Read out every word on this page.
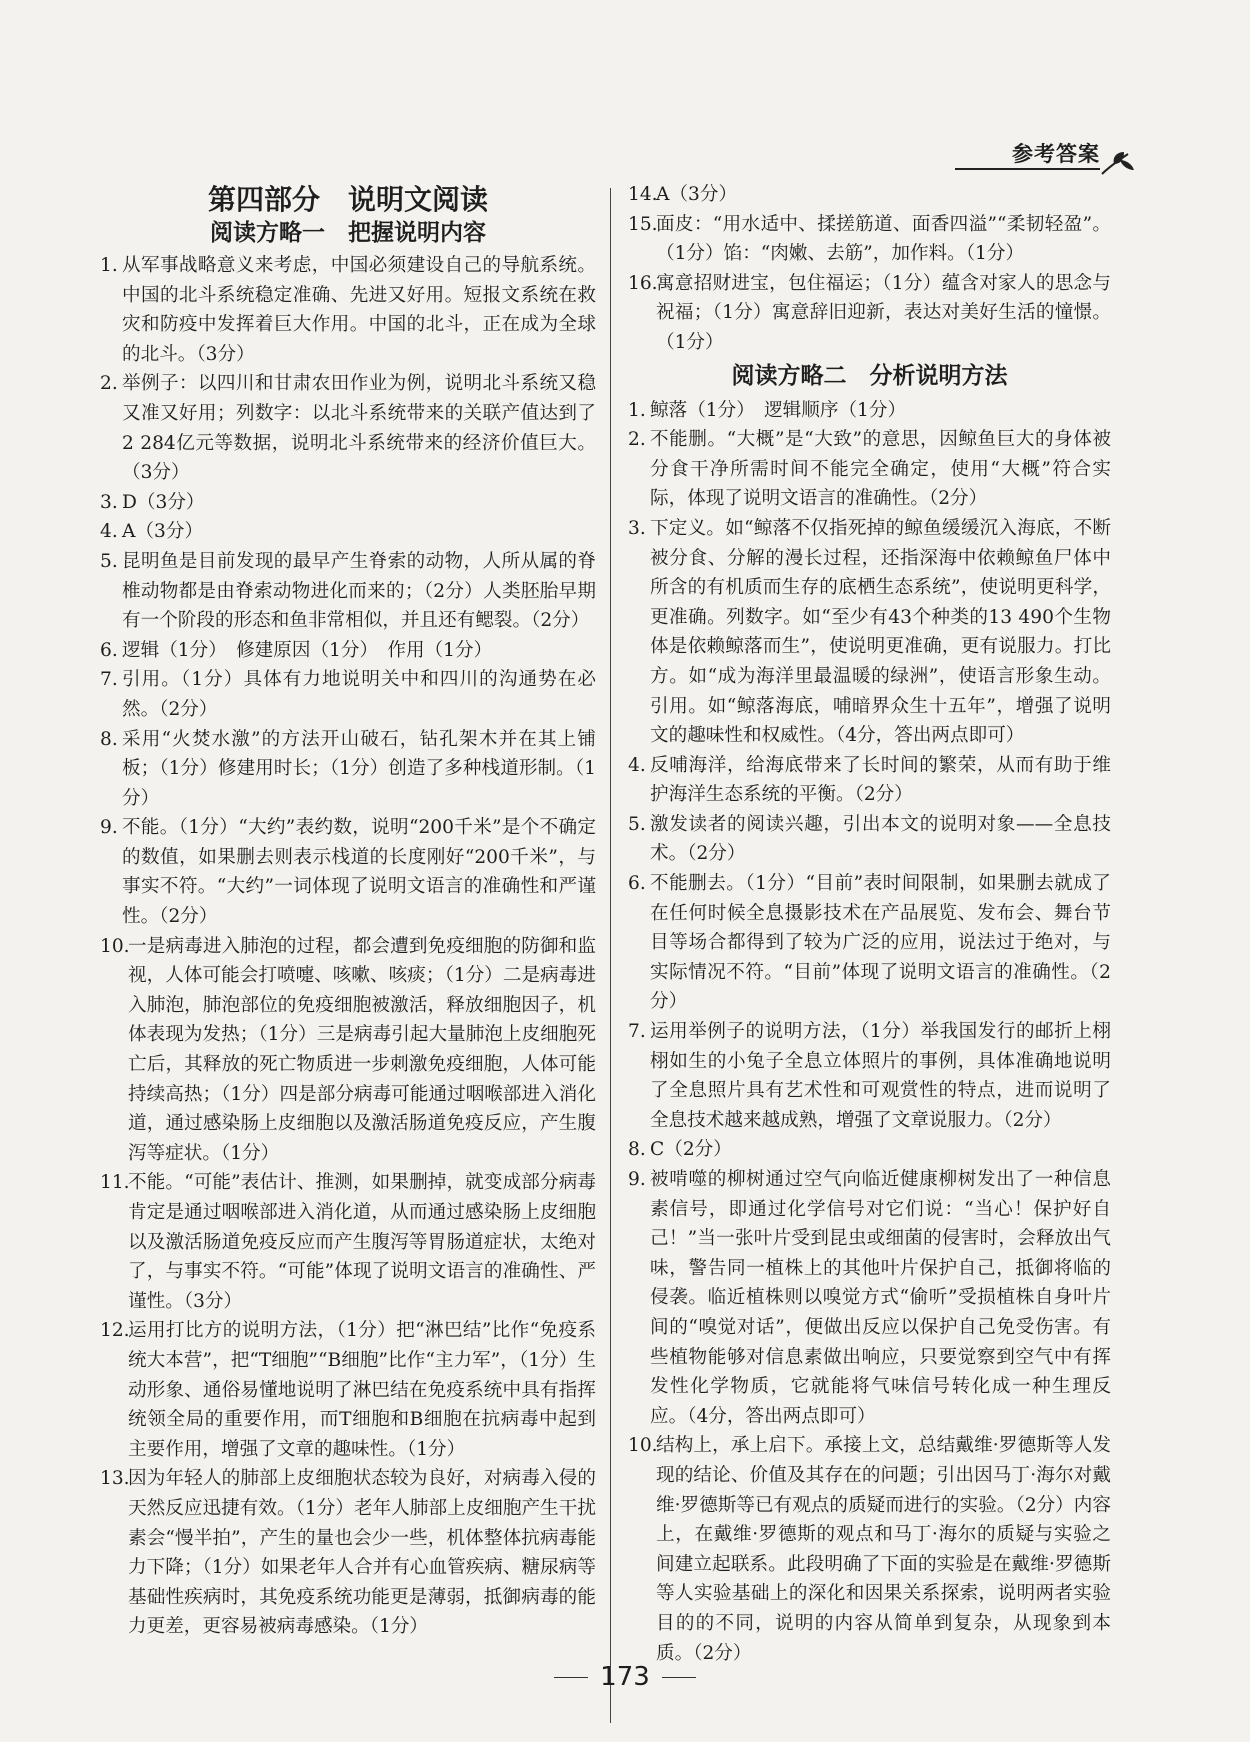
参考答案
第四部分　说明文阅读
阅读方略一　把握说明内容
1. 从军事战略意义来考虑，中国必须建设自己的导航系统。中国的北斗系统稳定准确、先进又好用。短报文系统在救灾和防疫中发挥着巨大作用。中国的北斗，正在成为全球的北斗。（3分）
2. 举例子：以四川和甘肃农田作业为例，说明北斗系统又稳又准又好用；列数字：以北斗系统带来的关联产值达到了2 284亿元等数据，说明北斗系统带来的经济价值巨大。（3分）
3. D（3分）
4. A（3分）
5. 昆明鱼是目前发现的最早产生脊索的动物，人所从属的脊椎动物都是由脊索动物进化而来的；（2分）人类胚胎早期有一个阶段的形态和鱼非常相似，并且还有鳃裂。（2分）
6. 逻辑（1分）　修建原因（1分）　作用（1分）
7. 引用。（1分）具体有力地说明关中和四川的沟通势在必然。（2分）
8. 采用“火焚水激”的方法开山破石，钻孔架木并在其上铺板；（1分）修建用时长；（1分）创造了多种栈道形制。（1分）
9. 不能。（1分）“大约”表约数，说明“200千米”是个不确定的数值，如果删去则表示栈道的长度刚好“200千米”，与事实不符。“大约”一词体现了说明文语言的准确性和严谨性。（2分）
10.
一是病毒进入肺泡的过程，都会遭到免疫细胞的防御和监视，人体可能会打喷嚏、咳嗽、咳痰；（1分）二是病毒进入肺泡，肺泡部位的免疫细胞被激活，释放细胞因子，机体表现为发热；（1分）三是病毒引起大量肺泡上皮细胞死亡后，其释放的死亡物质进一步刺激免疫细胞，人体可能持续高热；（1分）四是部分病毒可能通过咽喉部进入消化道，通过感染肠上皮细胞以及激活肠道免疫反应，产生腹泻等症状。（1分）
11.
不能。“可能”表估计、推测，如果删掉，就变成部分病毒肯定是通过咽喉部进入消化道，从而通过感染肠上皮细胞以及激活肠道免疫反应而产生腹泻等胃肠道症状，太绝对了，与事实不符。“可能”体现了说明文语言的准确性、严谨性。（3分）
12.
运用打比方的说明方法，（1分）把“淋巴结”比作“免疫系统大本营”，把“T细胞”“B细胞”比作“主力军”，（1分）生动形象、通俗易懂地说明了淋巴结在免疫系统中具有指挥统领全局的重要作用，而T细胞和B细胞在抗病毒中起到主要作用，增强了文章的趣味性。（1分）
13.
因为年轻人的肺部上皮细胞状态较为良好，对病毒入侵的天然反应迅捷有效。（1分）老年人肺部上皮细胞产生干扰素会“慢半拍”，产生的量也会少一些，机体整体抗病毒能力下降；（1分）如果老年人合并有心血管疾病、糖尿病等基础性疾病时，其免疫系统功能更是薄弱，抵御病毒的能力更差，更容易被病毒感染。（1分）
14.
A（3分）
15.
面皮：“用水适中、揉搓筋道、面香四溢”“柔韧轻盈”。（1分）馅：“肉嫩、去筋”，加作料。（1分）
16.
寓意招财进宝，包住福运；（1分）蕴含对家人的思念与祝福；（1分）寓意辞旧迎新，表达对美好生活的憧憬。（1分）
阅读方略二　分析说明方法
1. 鲸落（1分）　逻辑顺序（1分）
2. 不能删。“大概”是“大致”的意思，因鲸鱼巨大的身体被分食干净所需时间不能完全确定，使用“大概”符合实际，体现了说明文语言的准确性。（2分）
3. 下定义。如“鲸落不仅指死掉的鲸鱼缓缓沉入海底，不断被分食、分解的漫长过程，还指深海中依赖鲸鱼尸体中所含的有机质而生存的底栖生态系统”，使说明更科学，更准确。列数字。如“至少有43个种类的13 490个生物体是依赖鲸落而生”，使说明更准确，更有说服力。打比方。如“成为海洋里最温暖的绿洲”，使语言形象生动。引用。如“鲸落海底，哺暗界众生十五年”，增强了说明文的趣味性和权威性。（4分，答出两点即可）
4. 反哺海洋，给海底带来了长时间的繁荣，从而有助于维护海洋生态系统的平衡。（2分）
5. 激发读者的阅读兴趣，引出本文的说明对象——全息技术。（2分）
6. 不能删去。（1分）“目前”表时间限制，如果删去就成了在任何时候全息摄影技术在产品展览、发布会、舞台节目等场合都得到了较为广泛的应用，说法过于绝对，与实际情况不符。“目前”体现了说明文语言的准确性。（2分）
7. 运用举例子的说明方法，（1分）举我国发行的邮折上栩栩如生的小兔子全息立体照片的事例，具体准确地说明了全息照片具有艺术性和可观赏性的特点，进而说明了全息技术越来越成熟，增强了文章说服力。（2分）
8. C（2分）
9. 被啃噬的柳树通过空气向临近健康柳树发出了一种信息素信号，即通过化学信号对它们说：“当心！保护好自己！”当一张叶片受到昆虫或细菌的侵害时，会释放出气味，警告同一植株上的其他叶片保护自己，抵御将临的侵袭。临近植株则以嗅觉方式“偷听”受损植株自身叶片间的“嗅觉对话”，便做出反应以保护自己免受伤害。有些植物能够对信息素做出响应，只要觉察到空气中有挥发性化学物质，它就能将气味信号转化成一种生理反应。（4分，答出两点即可）
10.
结构上，承上启下。承接上文，总结戴维·罗德斯等人发现的结论、价值及其存在的问题；引出因马丁·海尔对戴维·罗德斯等已有观点的质疑而进行的实验。（2分）内容上，在戴维·罗德斯的观点和马丁·海尔的质疑与实验之间建立起联系。此段明确了下面的实验是在戴维·罗德斯等人实验基础上的深化和因果关系探索，说明两者实验目的的不同，说明的内容从简单到复杂，从现象到本质。（2分）
173
